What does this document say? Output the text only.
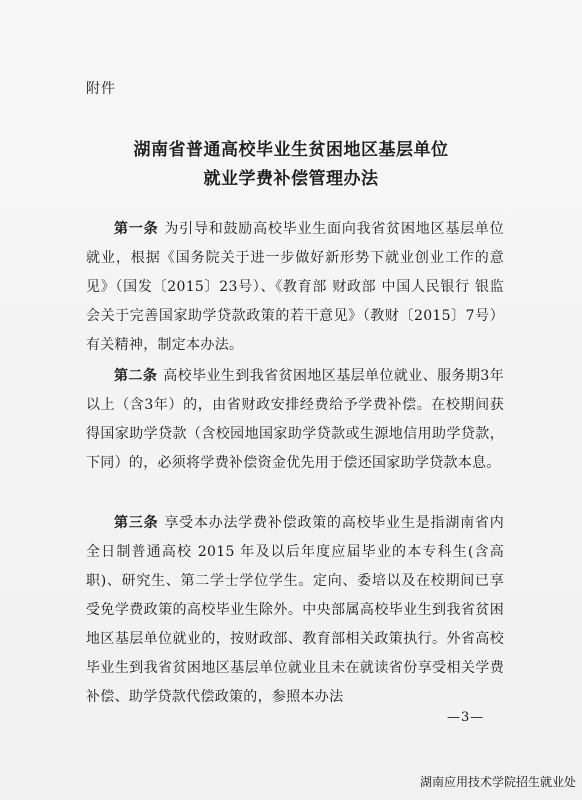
附件
湖南省普通高校毕业生贫困地区基层单位
就业学费补偿管理办法
第一条 为引导和鼓励高校毕业生面向我省贫困地区基层单位就业，根据《国务院关于进一步做好新形势下就业创业工作的意见》（国发〔2015〕23号）、《教育部 财政部 中国人民银行 银监会关于完善国家助学贷款政策的若干意见》（教财〔2015〕7号）有关精神，制定本办法。
第二条 高校毕业生到我省贫困地区基层单位就业、服务期3年以上（含3年）的，由省财政安排经费给予学费补偿。在校期间获得国家助学贷款（含校园地国家助学贷款或生源地信用助学贷款，下同）的，必须将学费补偿资金优先用于偿还国家助学贷款本息。
第三条 享受本办法学费补偿政策的高校毕业生是指湖南省内全日制普通高校 2015 年及以后年度应届毕业的本专科生(含高职)、研究生、第二学士学位学生。定向、委培以及在校期间已享受免学费政策的高校毕业生除外。中央部属高校毕业生到我省贫困地区基层单位就业的，按财政部、教育部相关政策执行。外省高校毕业生到我省贫困地区基层单位就业且未在就读省份享受相关学费补偿、助学贷款代偿政策的，参照本办法
—3—
湖南应用技术学院招生就业处
